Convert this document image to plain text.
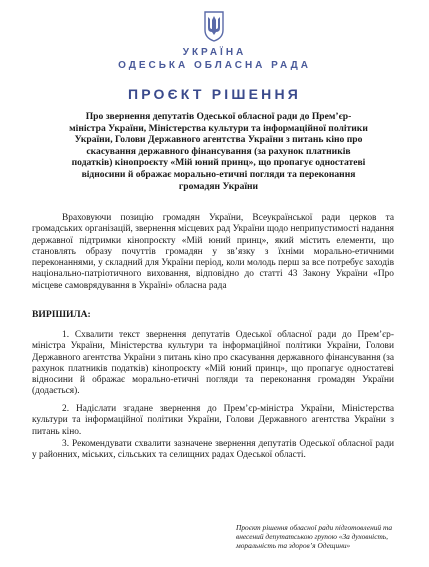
УКРАЇНА
ОДЕСЬКА ОБЛАСНА РАДА
ПРОЄКТ РІШЕННЯ
Про звернення депутатів Одеської обласної ради до Прем’єр-міністра України, Міністерства культури та інформаційної політики України, Голови Державного агентства України з питань кіно про скасування державного фінансування (за рахунок платників податків) кінопроєкту «Мій юний принц», що пропагує одностатеві відносини й ображає морально-етичні погляди та переконання громадян України
Враховуючи позицію громадян України, Всеукраїнської ради церков та громадських організацій, звернення місцевих рад України щодо неприпустимості надання державної підтримки кінопроєкту «Мій юний принц», який містить елементи, що становлять образу почуттів громадян у зв’язку з їхніми морально-етичними переконаннями, у складний для України період, коли молодь перш за все потребує заходів національно-патріотичного виховання, відповідно до статті 43 Закону України «Про місцеве самоврядування в Україні» обласна рада
ВИРІШИЛА:
1. Схвалити текст звернення депутатів Одеської обласної ради до Прем’єр-міністра України, Міністерства культури та інформаційної політики України, Голови Державного агентства України з питань кіно про скасування державного фінансування (за рахунок платників податків) кінопроєкту «Мій юний принц», що пропагує одностатеві відносини й ображає морально-етичні погляди та переконання громадян України (додається).
2. Надіслати згадане звернення до Прем’єр-міністра України, Міністерства культури та інформаційної політики України, Голови Державного агентства України з питань кіно.
3. Рекомендувати схвалити зазначене звернення депутатів Одеської обласної ради у районних, міських, сільських та селищних радах Одеської області.
Проєкт рішення обласної ради підготовлений та внесений депутатською групою «За духовність, моральність та здоров’я Одещини»
